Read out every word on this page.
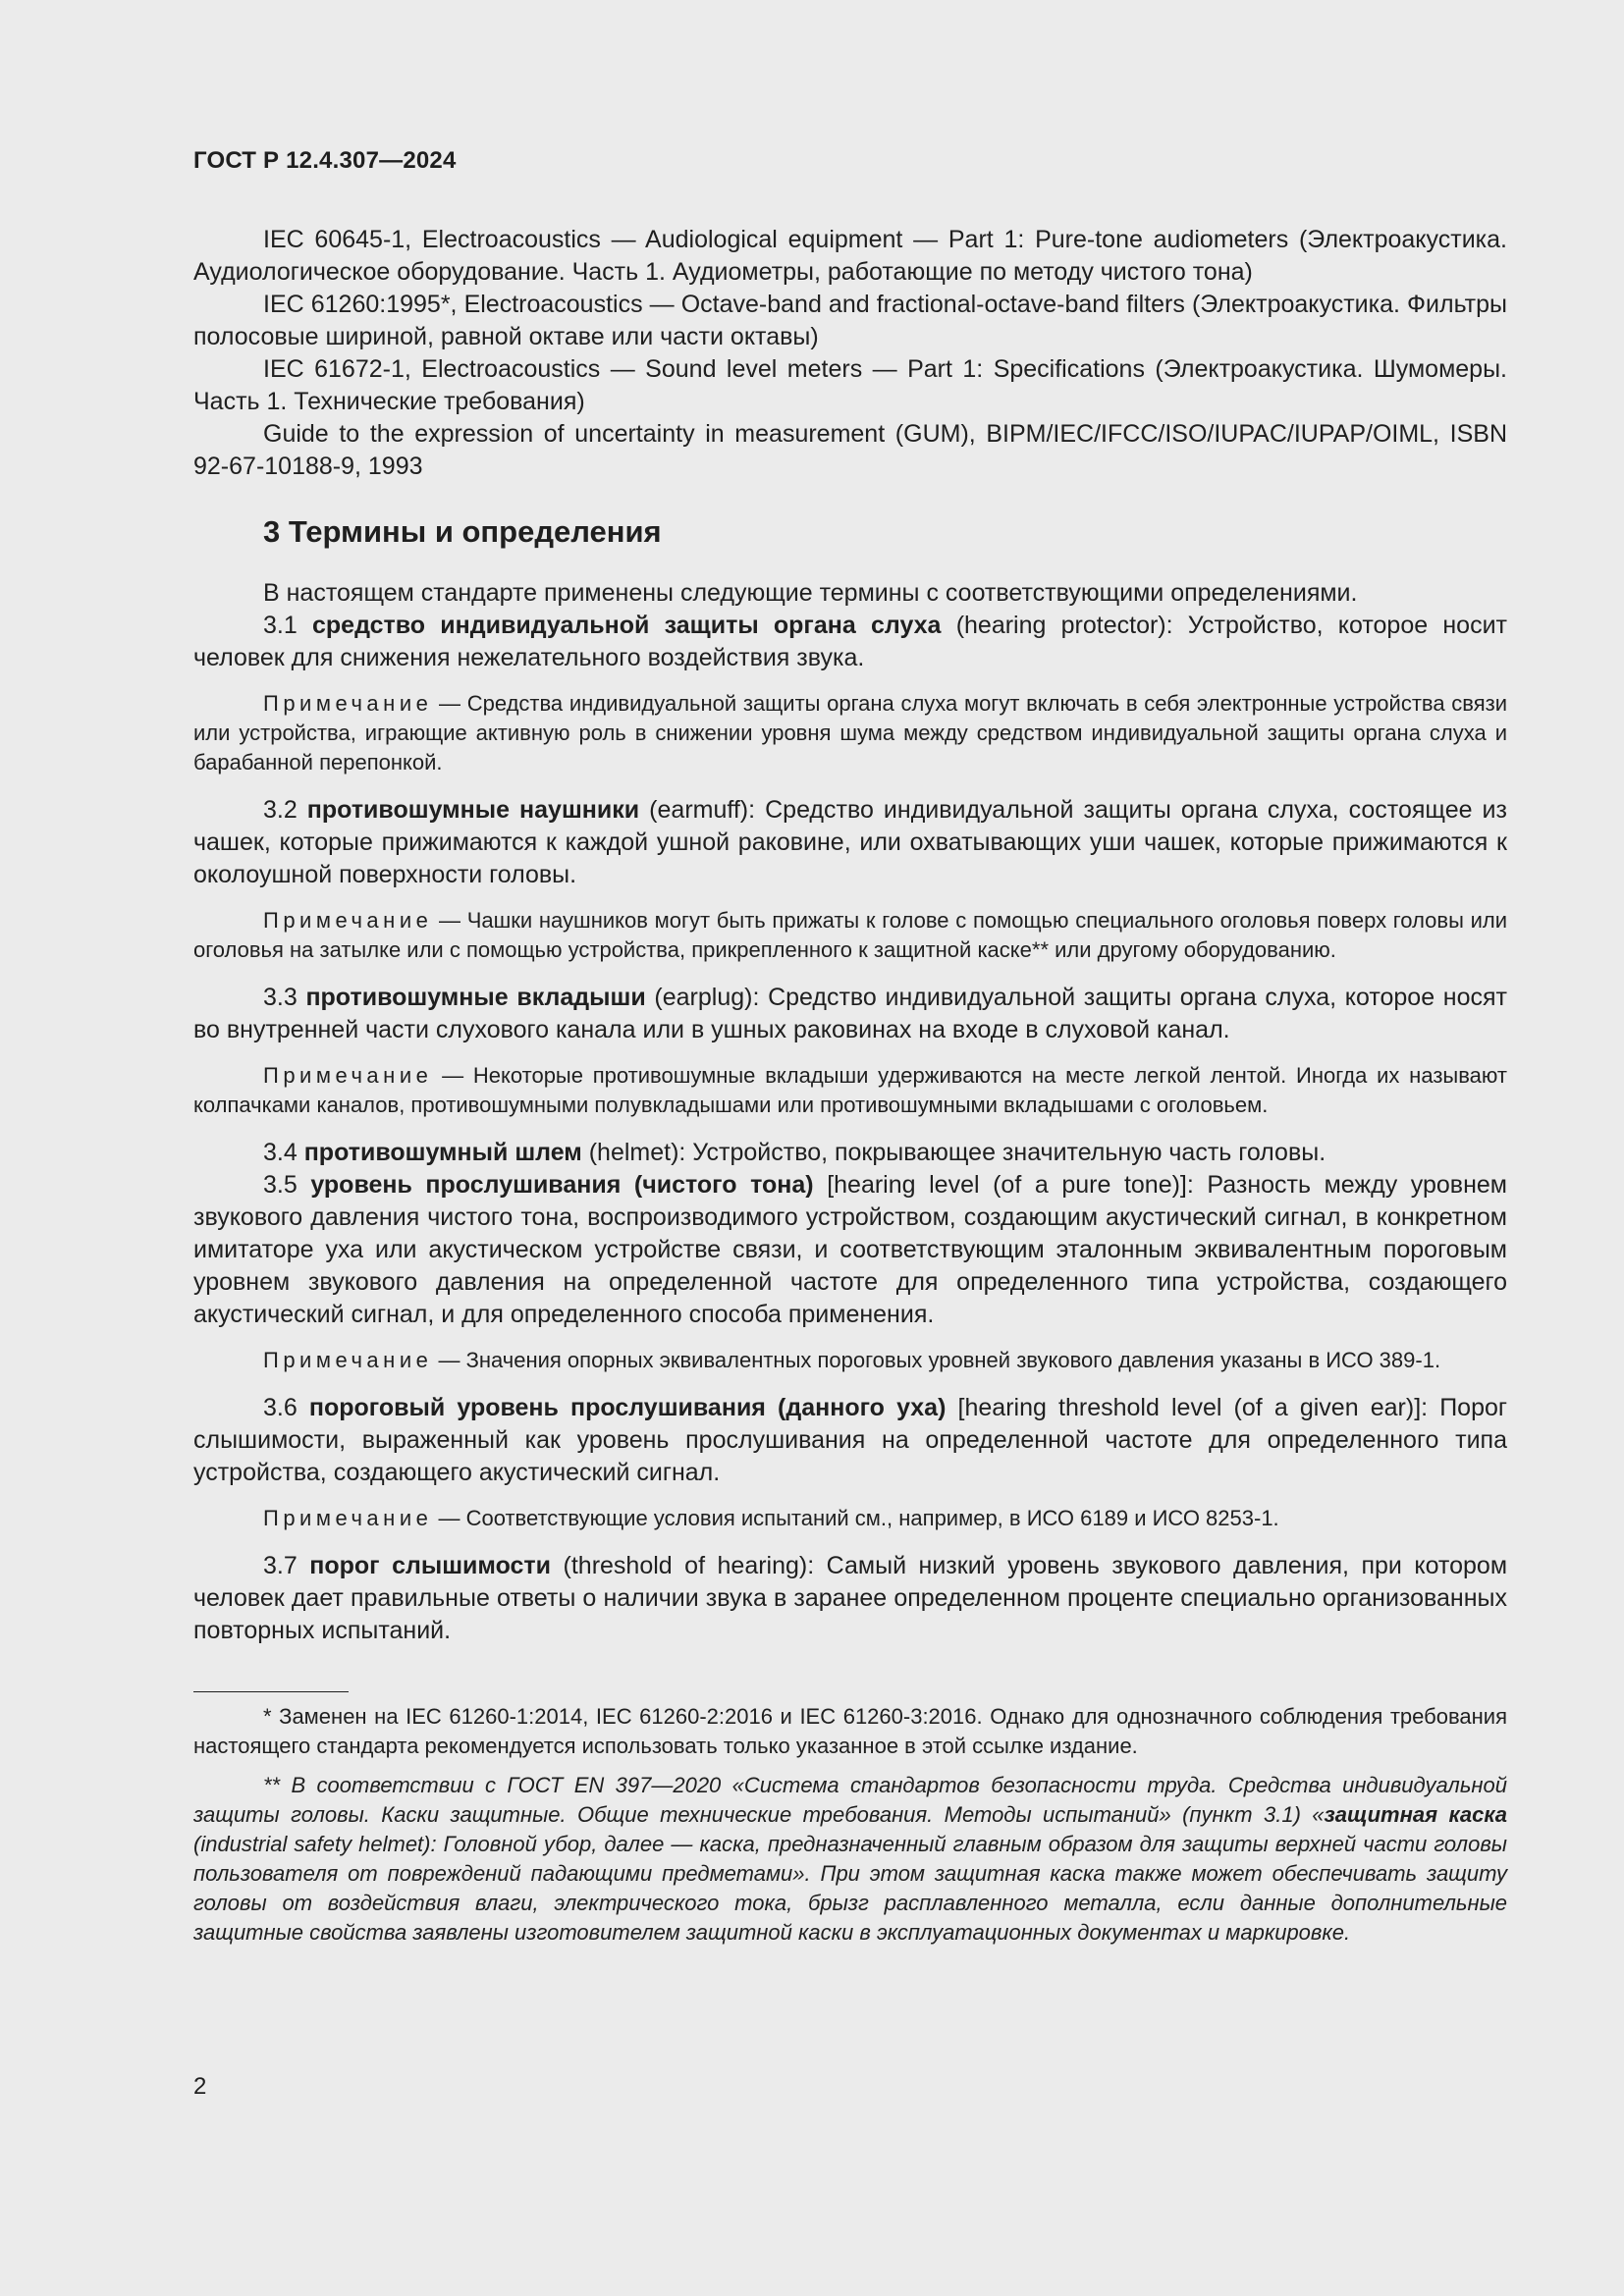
ГОСТ Р 12.4.307—2024

IEC 60645-1, Electroacoustics — Audiological equipment — Part 1: Pure-tone audiometers (Электроакустика. Аудиологическое оборудование. Часть 1. Аудиометры, работающие по методу чистого тона)

IEC 61260:1995*, Electroacoustics — Octave-band and fractional-octave-band filters (Электроакустика. Фильтры полосовые шириной, равной октаве или части октавы)

IEC 61672-1, Electroacoustics — Sound level meters — Part 1: Specifications (Электроакустика. Шумомеры. Часть 1. Технические требования)

Guide to the expression of uncertainty in measurement (GUM), BIPM/IEC/IFCC/ISO/IUPAC/IUPAP/OIML, ISBN 92-67-10188-9, 1993

3 Термины и определения

В настоящем стандарте применены следующие термины с соответствующими определениями.

3.1 средство индивидуальной защиты органа слуха (hearing protector): Устройство, которое носит человек для снижения нежелательного воздействия звука.

Примечание — Средства индивидуальной защиты органа слуха могут включать в себя электронные устройства связи или устройства, играющие активную роль в снижении уровня шума между средством индивидуальной защиты органа слуха и барабанной перепонкой.

3.2 противошумные наушники (earmuff): Средство индивидуальной защиты органа слуха, состоящее из чашек, которые прижимаются к каждой ушной раковине, или охватывающих уши чашек, которые прижимаются к околоушной поверхности головы.

Примечание — Чашки наушников могут быть прижаты к голове с помощью специального оголовья поверх головы или оголовья на затылке или с помощью устройства, прикрепленного к защитной каске** или другому оборудованию.

3.3 противошумные вкладыши (earplug): Средство индивидуальной защиты органа слуха, которое носят во внутренней части слухового канала или в ушных раковинах на входе в слуховой канал.

Примечание — Некоторые противошумные вкладыши удерживаются на месте легкой лентой. Иногда их называют колпачками каналов, противошумными полувкладышами или противошумными вкладышами с оголовьем.

3.4 противошумный шлем (helmet): Устройство, покрывающее значительную часть головы.

3.5 уровень прослушивания (чистого тона) [hearing level (of a pure tone)]: Разность между уровнем звукового давления чистого тона, воспроизводимого устройством, создающим акустический сигнал, в конкретном имитаторе уха или акустическом устройстве связи, и соответствующим эталонным эквивалентным пороговым уровнем звукового давления на определенной частоте для определенного типа устройства, создающего акустический сигнал, и для определенного способа применения.

Примечание — Значения опорных эквивалентных пороговых уровней звукового давления указаны в ИСО 389-1.

3.6 пороговый уровень прослушивания (данного уха) [hearing threshold level (of a given ear)]: Порог слышимости, выраженный как уровень прослушивания на определенной частоте для определенного типа устройства, создающего акустический сигнал.

Примечание — Соответствующие условия испытаний см., например, в ИСО 6189 и ИСО 8253-1.

3.7 порог слышимости (threshold of hearing): Самый низкий уровень звукового давления, при котором человек дает правильные ответы о наличии звука в заранее определенном проценте специально организованных повторных испытаний.

* Заменен на IEC 61260-1:2014, IEC 61260-2:2016 и IEC 61260-3:2016. Однако для однозначного соблюдения требования настоящего стандарта рекомендуется использовать только указанное в этой ссылке издание.

** В соответствии с ГОСТ EN 397—2020 «Система стандартов безопасности труда. Средства индивидуальной защиты головы. Каски защитные. Общие технические требования. Методы испытаний» (пункт 3.1) «защитная каска (industrial safety helmet): Головной убор, далее — каска, предназначенный главным образом для защиты верхней части головы пользователя от повреждений падающими предметами». При этом защитная каска также может обеспечивать защиту головы от воздействия влаги, электрического тока, брызг расплавленного металла, если данные дополнительные защитные свойства заявлены изготовителем защитной каски в эксплуатационных документах и маркировке.

2
